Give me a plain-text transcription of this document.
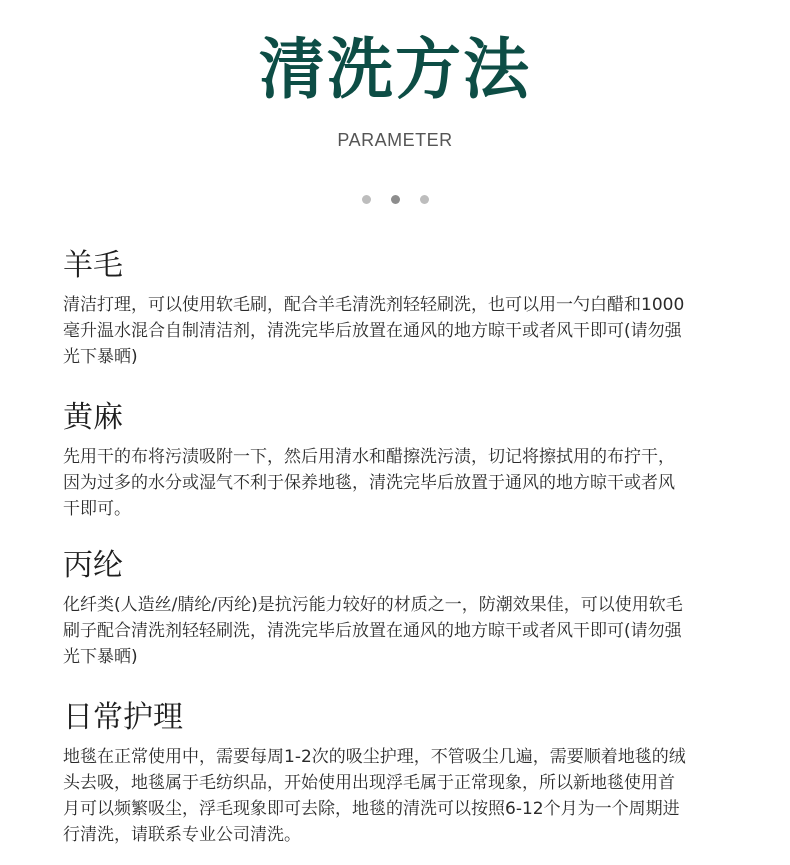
清洗方法
PARAMETER

羊毛
清洁打理，可以使用软毛刷，配合羊毛清洗剂轻轻刷洗，也可以用一勺白醋和1000
毫升温水混合自制清洁剂，清洗完毕后放置在通风的地方晾干或者风干即可(请勿强
光下暴晒)
黄麻
先用干的布将污渍吸附一下，然后用清水和醋擦洗污渍，切记将擦拭用的布拧干，
因为过多的水分或湿气不利于保养地毯，清洗完毕后放置于通风的地方晾干或者风
干即可。
丙纶
化纤类(人造丝/腈纶/丙纶)是抗污能力较好的材质之一，防潮效果佳，可以使用软毛
刷子配合清洗剂轻轻刷洗，清洗完毕后放置在通风的地方晾干或者风干即可(请勿强
光下暴晒)
日常护理
地毯在正常使用中，需要每周1-2次的吸尘护理，不管吸尘几遍，需要顺着地毯的绒
头去吸，地毯属于毛纺织品，开始使用出现浮毛属于正常现象，所以新地毯使用首
月可以频繁吸尘，浮毛现象即可去除，地毯的清洗可以按照6-12个月为一个周期进
行清洗，请联系专业公司清洗。
